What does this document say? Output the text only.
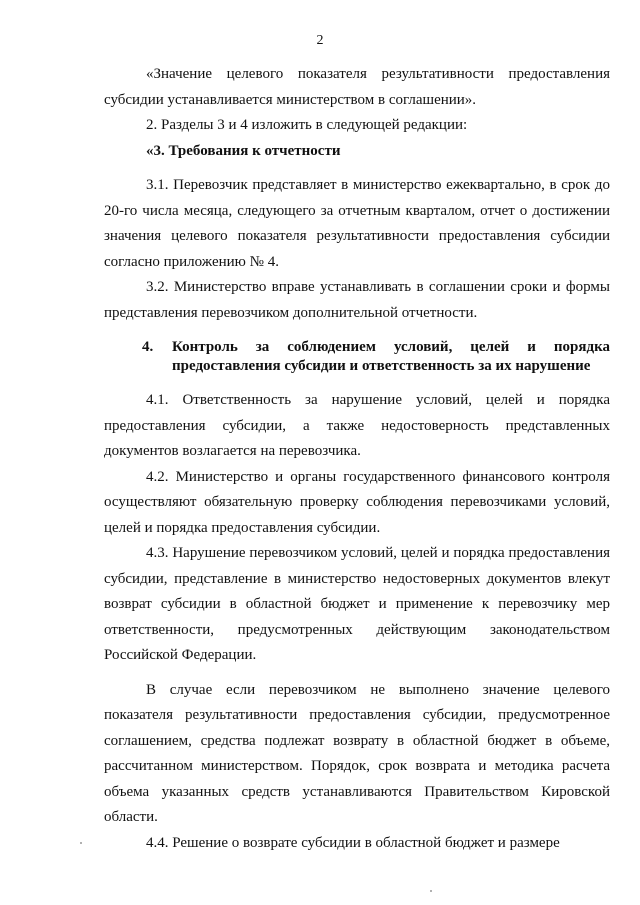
2

«Значение целевого показателя результативности предоставления субсидии устанавливается министерством в соглашении».

2. Разделы 3 и 4 изложить в следующей редакции:

«3. Требования к отчетности

3.1. Перевозчик представляет в министерство ежеквартально, в срок до 20-го числа месяца, следующего за отчетным кварталом, отчет о достижении значения целевого показателя результативности предоставления субсидии согласно приложению № 4.

3.2. Министерство вправе устанавливать в соглашении сроки и формы представления перевозчиком дополнительной отчетности.

4.	Контроль за соблюдением условий, целей и порядка предоставления субсидии и ответственность за их нарушение

4.1. Ответственность за нарушение условий, целей и порядка предоставления субсидии, а также недостоверность представленных документов возлагается на перевозчика.

4.2. Министерство и органы государственного финансового контроля осуществляют обязательную проверку соблюдения перевозчиками условий, целей и порядка предоставления субсидии.

4.3. Нарушение перевозчиком условий, целей и порядка предоставления субсидии, представление в министерство недостоверных документов влекут возврат субсидии в областной бюджет и применение к перевозчику мер ответственности, предусмотренных действующим законодательством Российской Федерации.

В случае если перевозчиком не выполнено значение целевого показателя результативности предоставления субсидии, предусмотренное соглашением, средства подлежат возврату в областной бюджет в объеме, рассчитанном министерством. Порядок, срок возврата и методика расчета объема указанных средств устанавливаются Правительством Кировской области.

4.4. Решение о возврате субсидии в областной бюджет и размере
